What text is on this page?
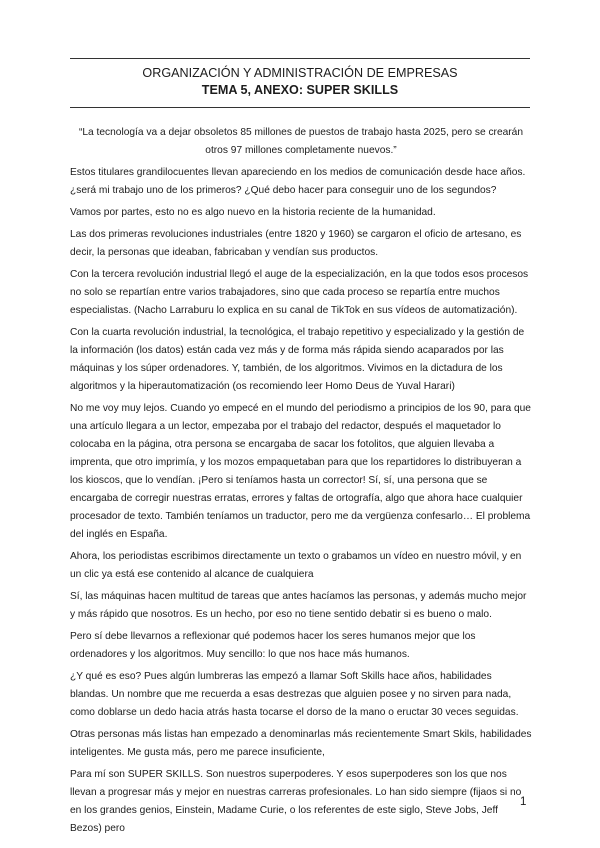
ORGANIZACIÓN Y ADMINISTRACIÓN DE EMPRESAS
TEMA 5, ANEXO: SUPER SKILLS

“La tecnología va a dejar obsoletos 85 millones de puestos de trabajo hasta 2025, pero se crearán otros 97 millones completamente nuevos.”

Estos titulares grandilocuentes llevan apareciendo en los medios de comunicación desde hace años. ¿será mi trabajo uno de los primeros? ¿Qué debo hacer para conseguir uno de los segundos?

Vamos por partes, esto no es algo nuevo en la historia reciente de la humanidad.

Las dos primeras revoluciones industriales (entre 1820 y 1960) se cargaron el oficio de artesano, es decir, la personas que ideaban, fabricaban y vendían sus productos.

Con la tercera revolución industrial llegó el auge de la especialización, en la que todos esos procesos no solo se repartían entre varios trabajadores, sino que cada proceso se repartía entre muchos especialistas. (Nacho Larraburu lo explica en su canal de TikTok en sus vídeos de automatización).

Con la cuarta revolución industrial, la tecnológica, el trabajo repetitivo y especializado y la gestión de la información (los datos) están cada vez más y de forma más rápida siendo acaparados por las máquinas y los súper ordenadores. Y, también, de los algoritmos. Vivimos en la dictadura de los algoritmos y la hiperautomatización (os recomiendo leer Homo Deus de Yuval Harari)

No me voy muy lejos. Cuando yo empecé en el mundo del periodismo a principios de los 90, para que una artículo llegara a un lector, empezaba por el trabajo del redactor, después el maquetador lo colocaba en la página, otra persona se encargaba de sacar los fotolitos, que alguien llevaba a imprenta, que otro imprimía, y los mozos empaquetaban para que los repartidores lo distribuyeran a los kioscos, que lo vendían. ¡Pero si teníamos hasta un corrector! Sí, sí, una persona que se encargaba de corregir nuestras erratas, errores y faltas de ortografía, algo que ahora hace cualquier procesador de texto. También teníamos un traductor, pero me da vergüenza confesarlo… El problema del inglés en España.

Ahora, los periodistas escribimos directamente un texto o grabamos un vídeo en nuestro móvil, y en un clic ya está ese contenido al alcance de cualquiera

Sí, las máquinas hacen multitud de tareas que antes hacíamos las personas, y además mucho mejor y más rápido que nosotros. Es un hecho, por eso no tiene sentido debatir si es bueno o malo.

Pero sí debe llevarnos a reflexionar qué podemos hacer los seres humanos mejor que los ordenadores y los algoritmos. Muy sencillo: lo que nos hace más humanos.

¿Y qué es eso? Pues algún lumbreras las empezó a llamar Soft Skills hace años, habilidades blandas. Un nombre que me recuerda a esas destrezas que alguien posee y no sirven para nada, como doblarse un dedo hacia atrás hasta tocarse el dorso de la mano o eructar 30 veces seguidas.

Otras personas más listas han empezado a denominarlas más recientemente Smart Skils, habilidades inteligentes. Me gusta más, pero me parece insuficiente,

Para mí son SUPER SKILLS. Son nuestros superpoderes. Y esos superpoderes son los que nos llevan a progresar más y mejor en nuestras carreras profesionales. Lo han sido siempre (fijaos si no en los grandes genios, Einstein, Madame Curie, o los referentes de este siglo, Steve Jobs, Jeff Bezos) pero

1
